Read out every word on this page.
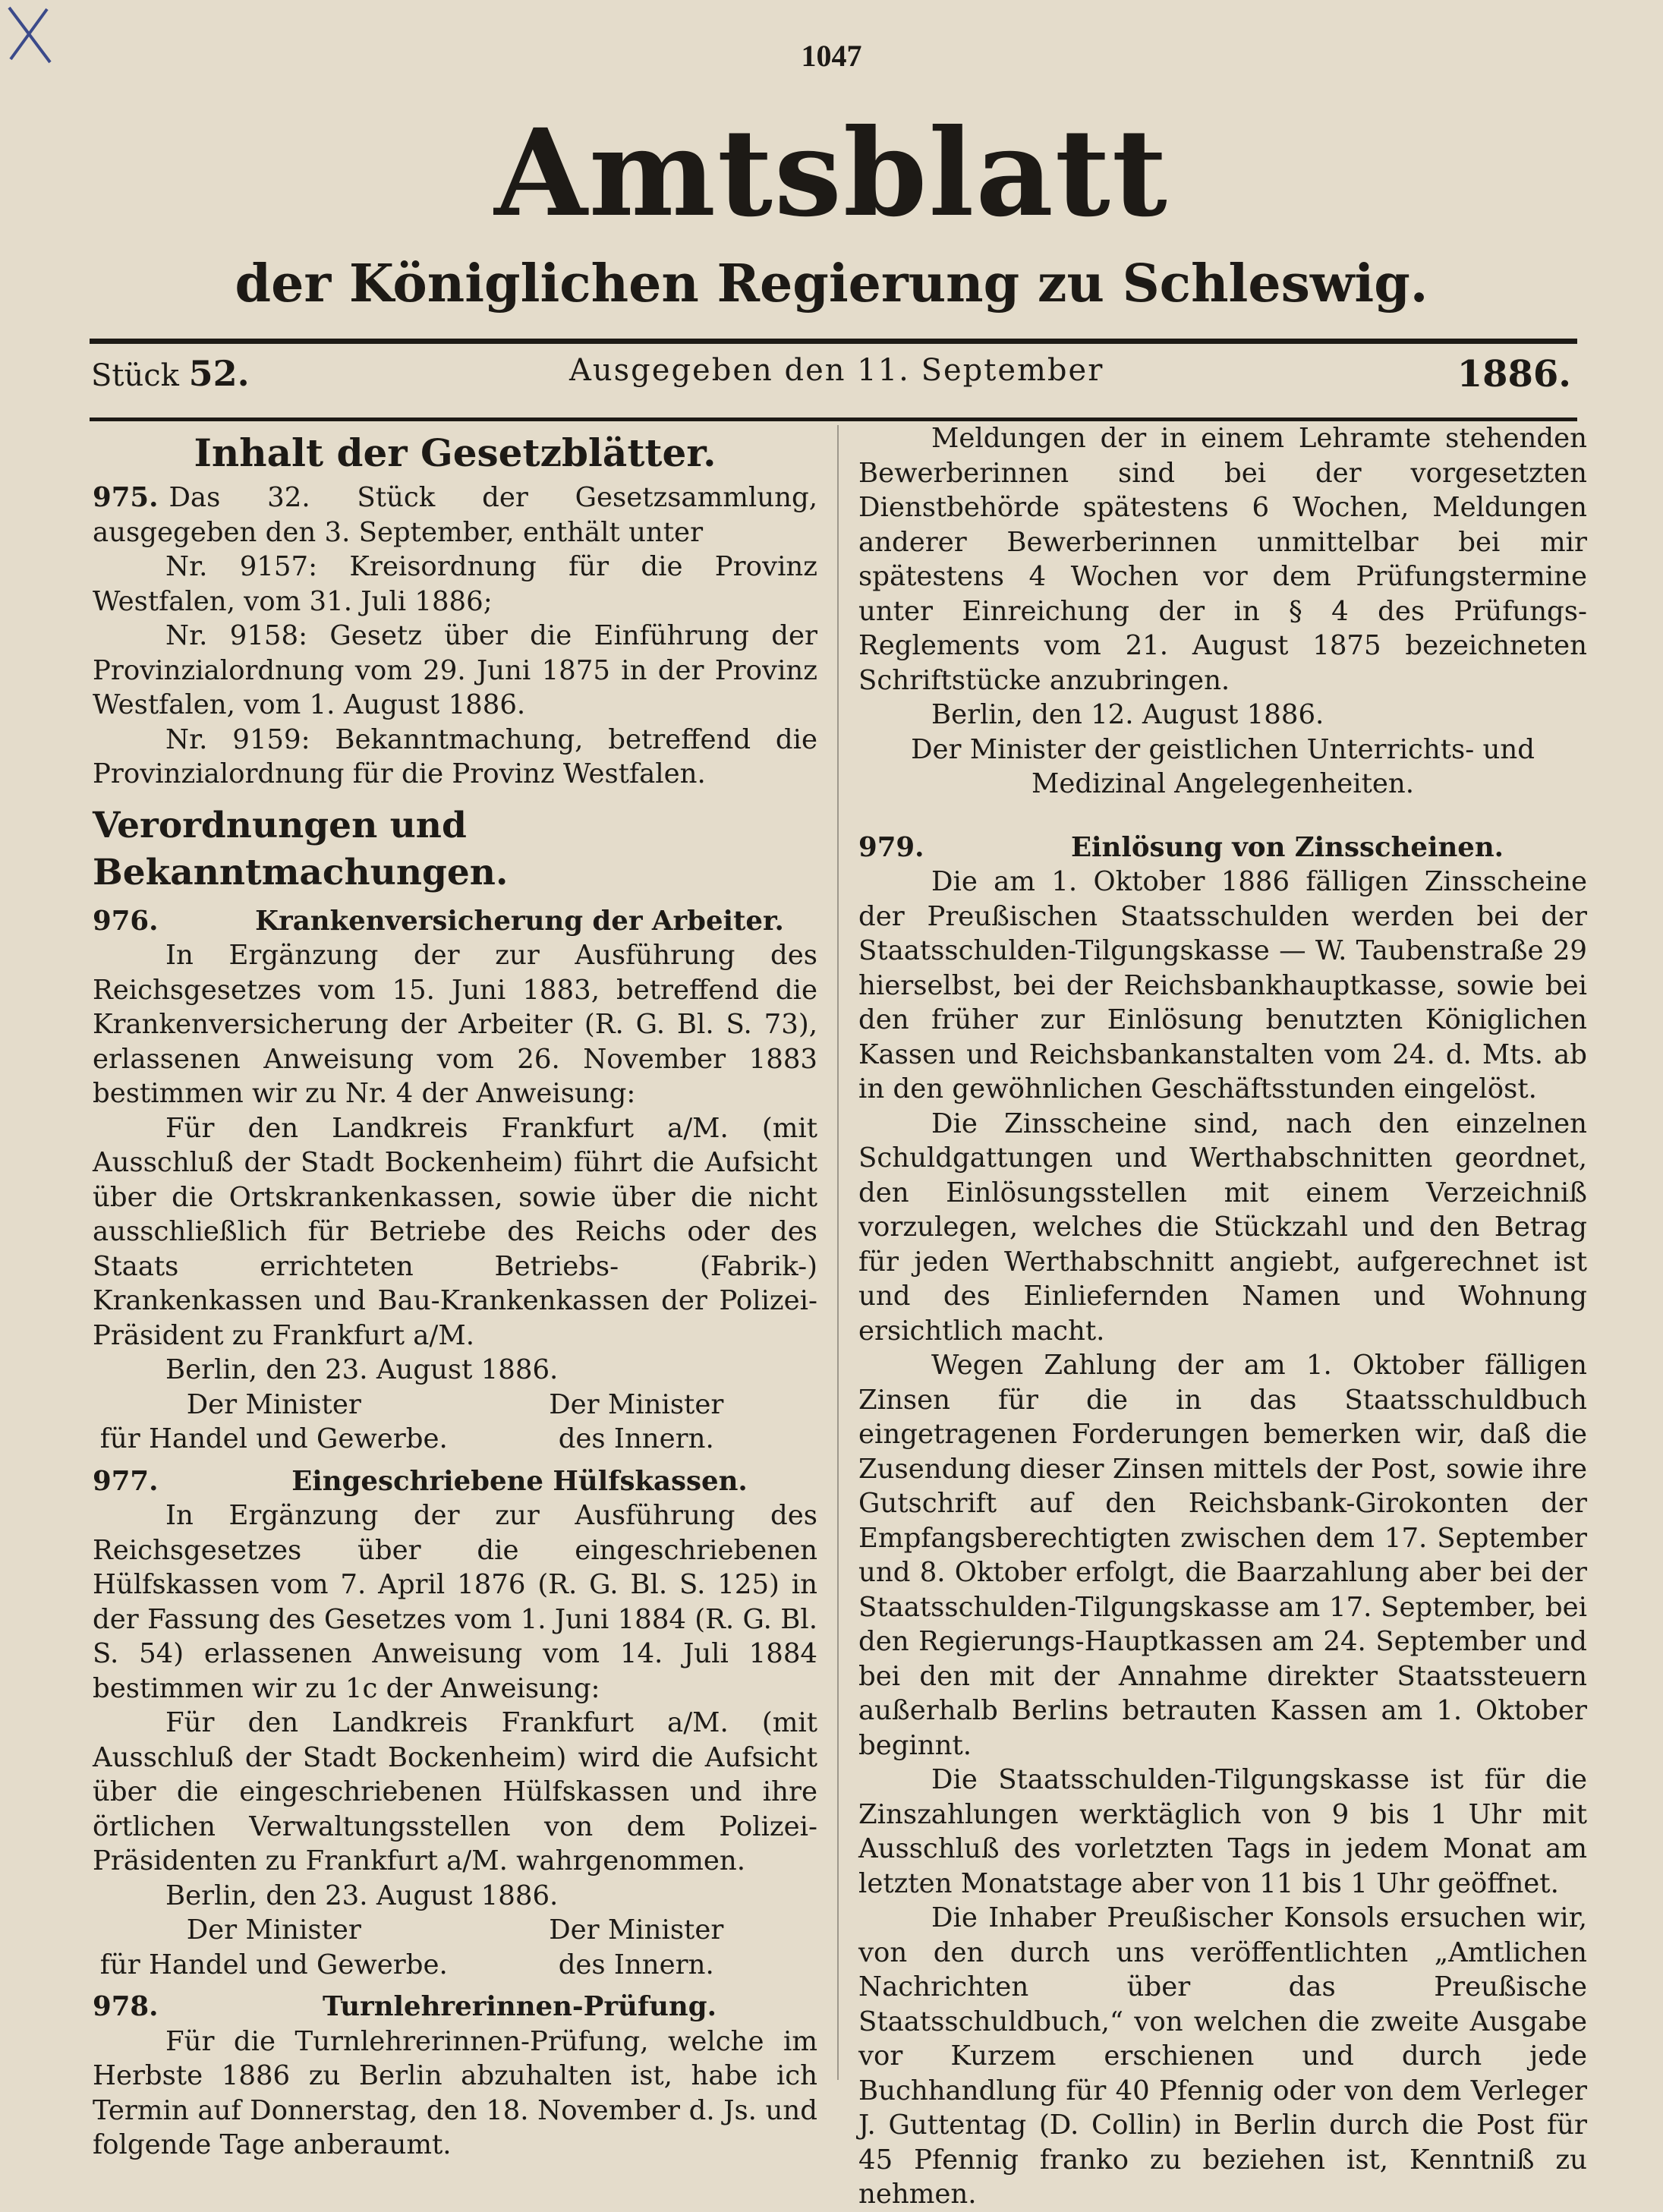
1047
Amtsblatt
der Königlichen Regierung zu Schleswig.
Stück 52.	Ausgegeben den 11. September	1886.
Inhalt der Gesetzblätter.

975. Das 32. Stück der Gesetzsammlung, ausgegeben den 3. September, enthält unter

Nr. 9157: Kreisordnung für die Provinz Westfalen, vom 31. Juli 1886;

Nr. 9158: Gesetz über die Einführung der Provinzialordnung vom 29. Juni 1875 in der Provinz Westfalen, vom 1. August 1886.

Nr. 9159: Bekanntmachung, betreffend die Provinzialordnung für die Provinz Westfalen.

Verordnungen und Bekanntmachungen.
976.	Krankenversicherung der Arbeiter.

In Ergänzung der zur Ausführung des Reichsgesetzes vom 15. Juni 1883, betreffend die Krankenversicherung der Arbeiter (R. G. Bl. S. 73), erlassenen Anweisung vom 26. November 1883 bestimmen wir zu Nr. 4 der Anweisung:

Für den Landkreis Frankfurt a/M. (mit Ausschluß der Stadt Bockenheim) führt die Aufsicht über die Ortskrankenkassen, sowie über die nicht ausschließlich für Betriebe des Reichs oder des Staats errichteten Betriebs- (Fabrik-) Krankenkassen und Bau-Krankenkassen der Polizei-Präsident zu Frankfurt a/M.

Berlin, den 23. August 1886.

Der Minister	Der Minister
für Handel und Gewerbe.	des Innern.
977.	Eingeschriebene Hülfskassen.

In Ergänzung der zur Ausführung des Reichsgesetzes über die eingeschriebenen Hülfskassen vom 7. April 1876 (R. G. Bl. S. 125) in der Fassung des Gesetzes vom 1. Juni 1884 (R. G. Bl. S. 54) erlassenen Anweisung vom 14. Juli 1884 bestimmen wir zu 1c der Anweisung:

Für den Landkreis Frankfurt a/M. (mit Ausschluß der Stadt Bockenheim) wird die Aufsicht über die eingeschriebenen Hülfskassen und ihre örtlichen Verwaltungsstellen von dem Polizei-Präsidenten zu Frankfurt a/M. wahrgenommen.

Berlin, den 23. August 1886.

Der Minister	Der Minister
für Handel und Gewerbe.	des Innern.
978.	Turnlehrerinnen-Prüfung.

Für die Turnlehrerinnen-Prüfung, welche im Herbste 1886 zu Berlin abzuhalten ist, habe ich Termin auf Donnerstag, den 18. November d. Js. und folgende Tage anberaumt.

Meldungen der in einem Lehramte stehenden Bewerberinnen sind bei der vorgesetzten Dienstbehörde spätestens 6 Wochen, Meldungen anderer Bewerberinnen unmittelbar bei mir spätestens 4 Wochen vor dem Prüfungstermine unter Einreichung der in § 4 des Prüfungs-Reglements vom 21. August 1875 bezeichneten Schriftstücke anzubringen.

Berlin, den 12. August 1886.

Der Minister der geistlichen Unterrichts- und

Medizinal Angelegenheiten.

979.	Einlösung von Zinsscheinen.

Die am 1. Oktober 1886 fälligen Zinsscheine der Preußischen Staatsschulden werden bei der Staatsschulden-Tilgungskasse — W. Taubenstraße 29 hierselbst, bei der Reichsbankhauptkasse, sowie bei den früher zur Einlösung benutzten Königlichen Kassen und Reichsbankanstalten vom 24. d. Mts. ab in den gewöhnlichen Geschäftsstunden eingelöst.

Die Zinsscheine sind, nach den einzelnen Schuldgattungen und Werthabschnitten geordnet, den Einlösungsstellen mit einem Verzeichniß vorzulegen, welches die Stückzahl und den Betrag für jeden Werthabschnitt angiebt, aufgerechnet ist und des Einliefernden Namen und Wohnung ersichtlich macht.

Wegen Zahlung der am 1. Oktober fälligen Zinsen für die in das Staatsschuldbuch eingetragenen Forderungen bemerken wir, daß die Zusendung dieser Zinsen mittels der Post, sowie ihre Gutschrift auf den Reichsbank-Girokonten der Empfangsberechtigten zwischen dem 17. September und 8. Oktober erfolgt, die Baarzahlung aber bei der Staatsschulden-Tilgungskasse am 17. September, bei den Regierungs-Hauptkassen am 24. September und bei den mit der Annahme direkter Staatssteuern außerhalb Berlins betrauten Kassen am 1. Oktober beginnt.

Die Staatsschulden-Tilgungskasse ist für die Zinszahlungen werktäglich von 9 bis 1 Uhr mit Ausschluß des vorletzten Tags in jedem Monat am letzten Monatstage aber von 11 bis 1 Uhr geöffnet.

Die Inhaber Preußischer Konsols ersuchen wir, von den durch uns veröffentlichten „Amtlichen Nachrichten über das Preußische Staatsschuldbuch,“ von welchen die zweite Ausgabe vor Kurzem erschienen und durch jede Buchhandlung für 40 Pfennig oder von dem Verleger J. Guttentag (D. Collin) in Berlin durch die Post für 45 Pfennig franko zu beziehen ist, Kenntniß zu nehmen.
